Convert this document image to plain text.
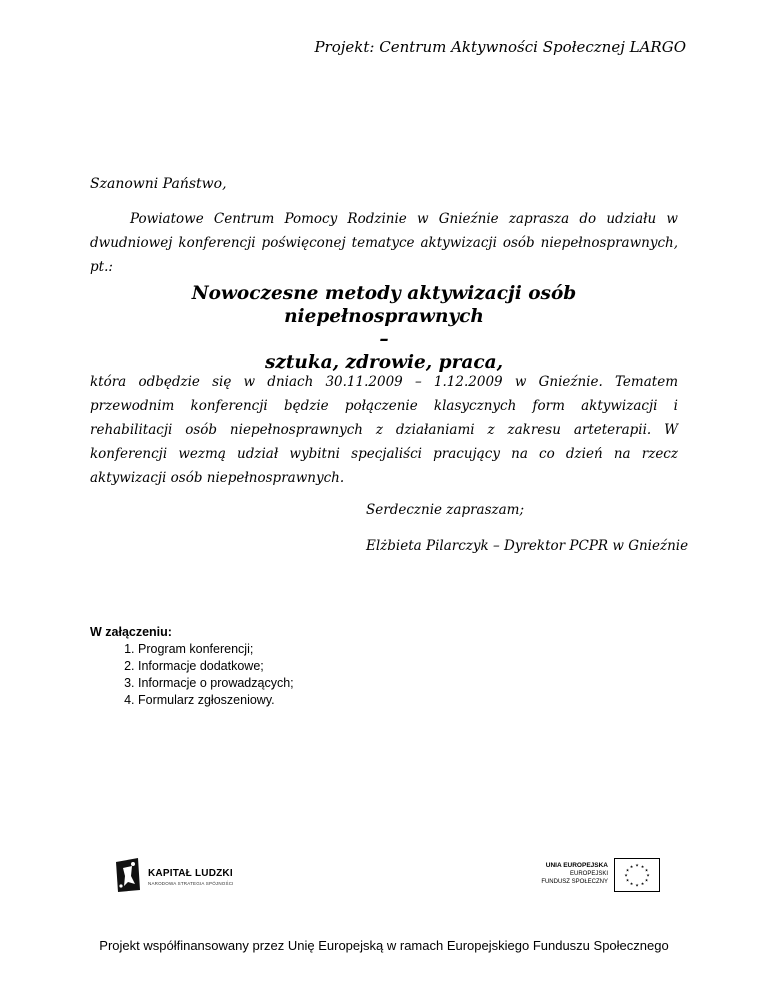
Projekt: Centrum Aktywności Społecznej LARGO
Szanowni Państwo,
Powiatowe Centrum Pomocy Rodzinie w Gnieźnie zaprasza do udziału w dwudniowej konferencji poświęconej tematyce aktywizacji osób niepełnosprawnych, pt.:
Nowoczesne metody aktywizacji osób niepełnosprawnych
–
sztuka, zdrowie, praca,
która odbędzie się w dniach 30.11.2009 – 1.12.2009 w Gnieźnie. Tematem przewodnim konferencji będzie połączenie klasycznych form aktywizacji i rehabilitacji osób niepełnosprawnych z działaniami z zakresu arteterapii. W konferencji wezmą udział wybitni specjaliści pracujący na co dzień na rzecz aktywizacji osób niepełnosprawnych.
Serdecznie zapraszam;
Elżbieta Pilarczyk – Dyrektor PCPR w Gnieźnie
W załączeniu:
1. Program konferencji;
2. Informacje dodatkowe;
3. Informacje o prowadzących;
4. Formularz zgłoszeniowy.
KAPITAŁ LUDZKI
NARODOWA STRATEGIA SPÓJNOŚCI
UNIA EUROPEJSKA
EUROPEJSKI
FUNDUSZ SPOŁECZNY
★ ★
★
★
★
★
★
★
★
★
★
★
Projekt współfinansowany przez Unię Europejską w ramach Europejskiego Funduszu Społecznego
